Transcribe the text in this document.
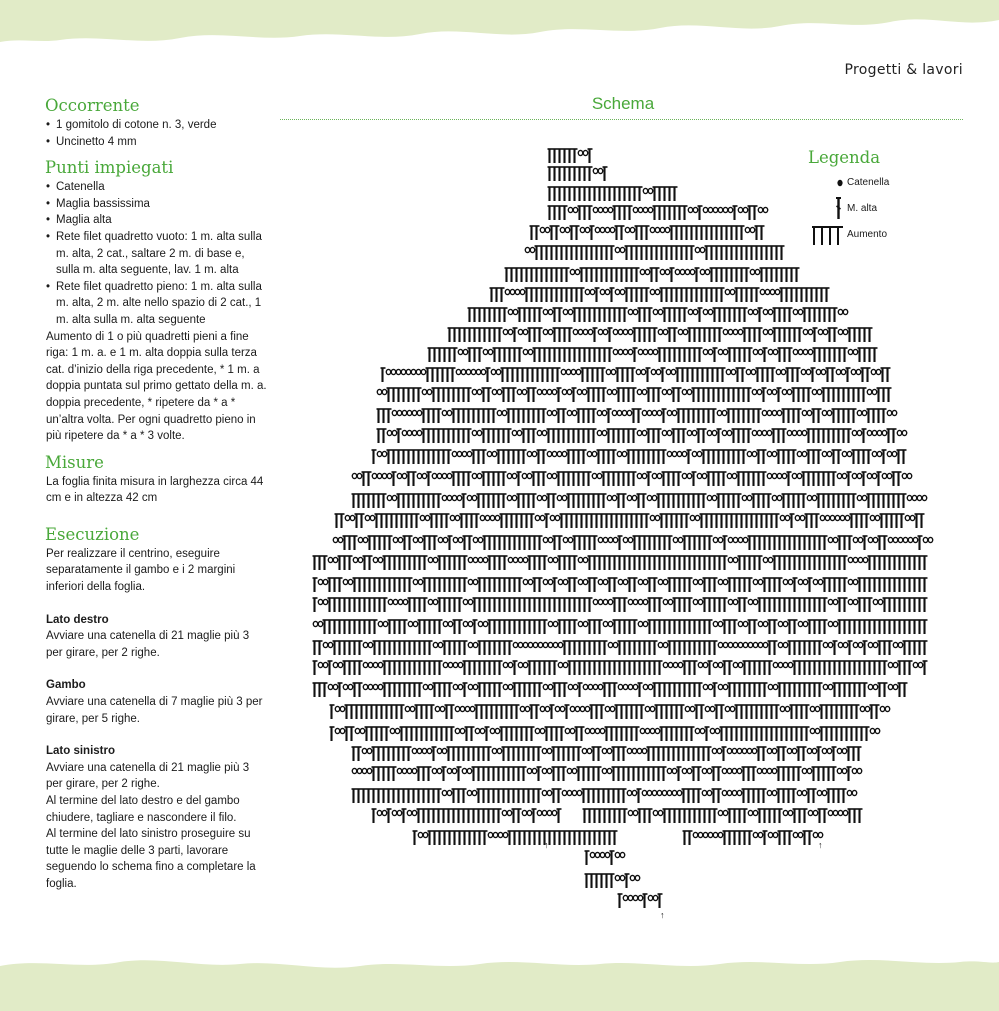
Progetti & lavori
Occorrente
• 1 gomitolo di cotone n. 3, verde
• Uncinetto 4 mm
Punti impiegati
• Catenella
• Maglia bassissima
• Maglia alta
• Rete filet quadretto vuoto: 1 m. alta sulla m. alta, 2 cat., saltare 2 m. di base e, sulla m. alta seguente, lav. 1 m. alta
• Rete filet quadretto pieno: 1 m. alta sulla m. alta, 2 m. alte nello spazio di 2 cat., 1 m. alta sulla m. alta seguente

Aumento di 1 o più quadretti pieni a fine riga: 1 m. a. e 1 m. alta doppia sulla terza cat. d’inizio della riga precedente, * 1 m. a doppia puntata sul primo gettato della m. a. doppia precedente, * ripetere da * a * un’altra volta. Per ogni quadretto pieno in più ripetere da * a * 3 volte.

Misure

La foglia finita misura in larghezza circa 44 cm e in altezza 42 cm

Esecuzione

Per realizzare il centrino, eseguire separatamente il gambo e i 2 margini inferiori della foglia.

Lato destro

Avviare una catenella di 21 maglie più 3 per girare, per 2 righe.

Gambo

Avviare una catenella di 7 maglie più 3 per girare, per 5 righe.

Lato sinistro

Avviare una catenella di 21 maglie più 3 per girare, per 2 righe.

Al termine del lato destro e del gambo chiudere, tagliare e nascondere il filo.

Al termine del lato sinistro proseguire su tutte le maglie delle 3 parti, lavorare seguendo lo schema fino a completare la foglia.

Schema
Legenda
Catenella
M. alta
Aumento
↑	↑
↑
